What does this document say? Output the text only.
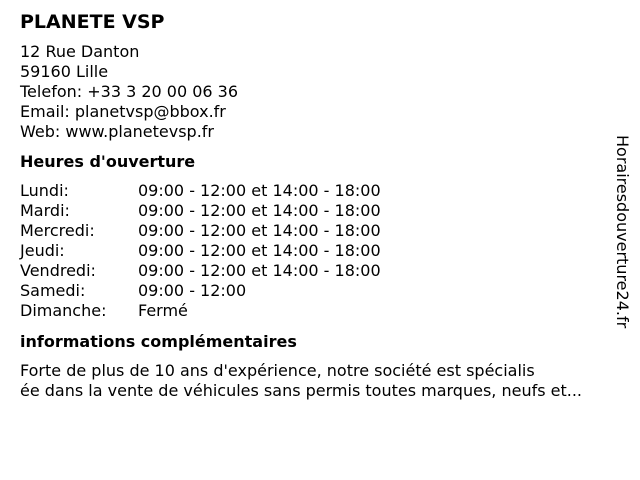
PLANETE VSP
12 Rue Danton
59160 Lille
Telefon: +33 3 20 00 06 36
Email: planetvsp@bbox.fr
Web: www.planetevsp.fr
Heures d'ouverture
Lundi:	09:00 - 12:00 et 14:00 - 18:00
Mardi:	09:00 - 12:00 et 14:00 - 18:00
Mercredi:	09:00 - 12:00 et 14:00 - 18:00
Jeudi:	09:00 - 12:00 et 14:00 - 18:00
Vendredi:	09:00 - 12:00 et 14:00 - 18:00
Samedi:	09:00 - 12:00
Dimanche:	Fermé
informations complémentaires
Forte de plus de 10 ans d'expérience, notre société est spécialis
ée dans la vente de véhicules sans permis toutes marques, neufs et...
Horairesdouverture24.fr
